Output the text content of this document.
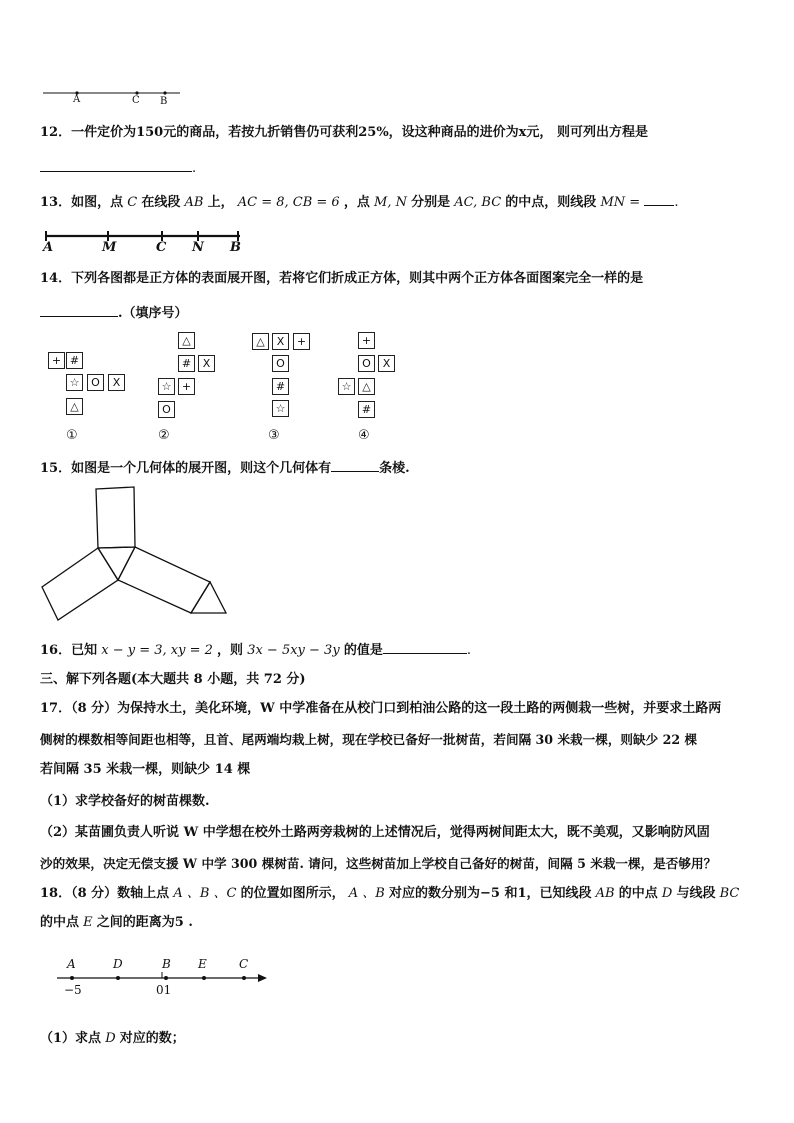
A	C B
12．一件定价为150元的商品，若按九折销售仍可获利25%，设这种商品的进价为x元， 则可列出方程是
.
13．如图，点 C 在线段 AB 上， AC = 8, CB = 6 ，点 M, N 分别是 AC, BC 的中点，则线段 MN =	.
A	M	C N B
14．下列各图都是正方体的表面展开图，若将它们折成正方体，则其中两个正方体各面图案完全一样的是
.（填序号）
+ #
☆	O	X
△
△
#	X
☆ +
O
△	X	+
O
#
☆
+
O	X
☆ △
#
①	②	③	④
15．如图是一个几何体的展开图，则这个几何体有	条棱.
16．已知 x − y = 3, xy = 2 ，则 3x − 5xy − 3y 的值是	.
三、解下列各题(本大题共 8 小题，共 72 分)
17．（8 分）为保持水土，美化环境，W 中学准备在从校门口到柏油公路的这一段土路的两侧栽一些树，并要求土路两
侧树的棵数相等间距也相等，且首、尾两端均栽上树，现在学校已备好一批树苗，若间隔 30 米栽一棵，则缺少 22 棵
若间隔 35 米栽一棵，则缺少 14 棵
（1）求学校备好的树苗棵数.
（2）某苗圃负责人听说 W 中学想在校外土路两旁栽树的上述情况后，觉得两树间距太大，既不美观，又影响防风固
沙的效果，决定无偿支援 W 中学 300 棵树苗. 请问，这些树苗加上学校自己备好的树苗，间隔 5 米栽一棵，是否够用？
18．（8 分）数轴上点 A 、B 、C 的位置如图所示， A 、B 对应的数分别为−5 和1，已知线段 AB 的中点 D 与线段 BC
的中点 E 之间的距离为5 .
A	D	B E	C
−5	01
（1）求点 D 对应的数；
